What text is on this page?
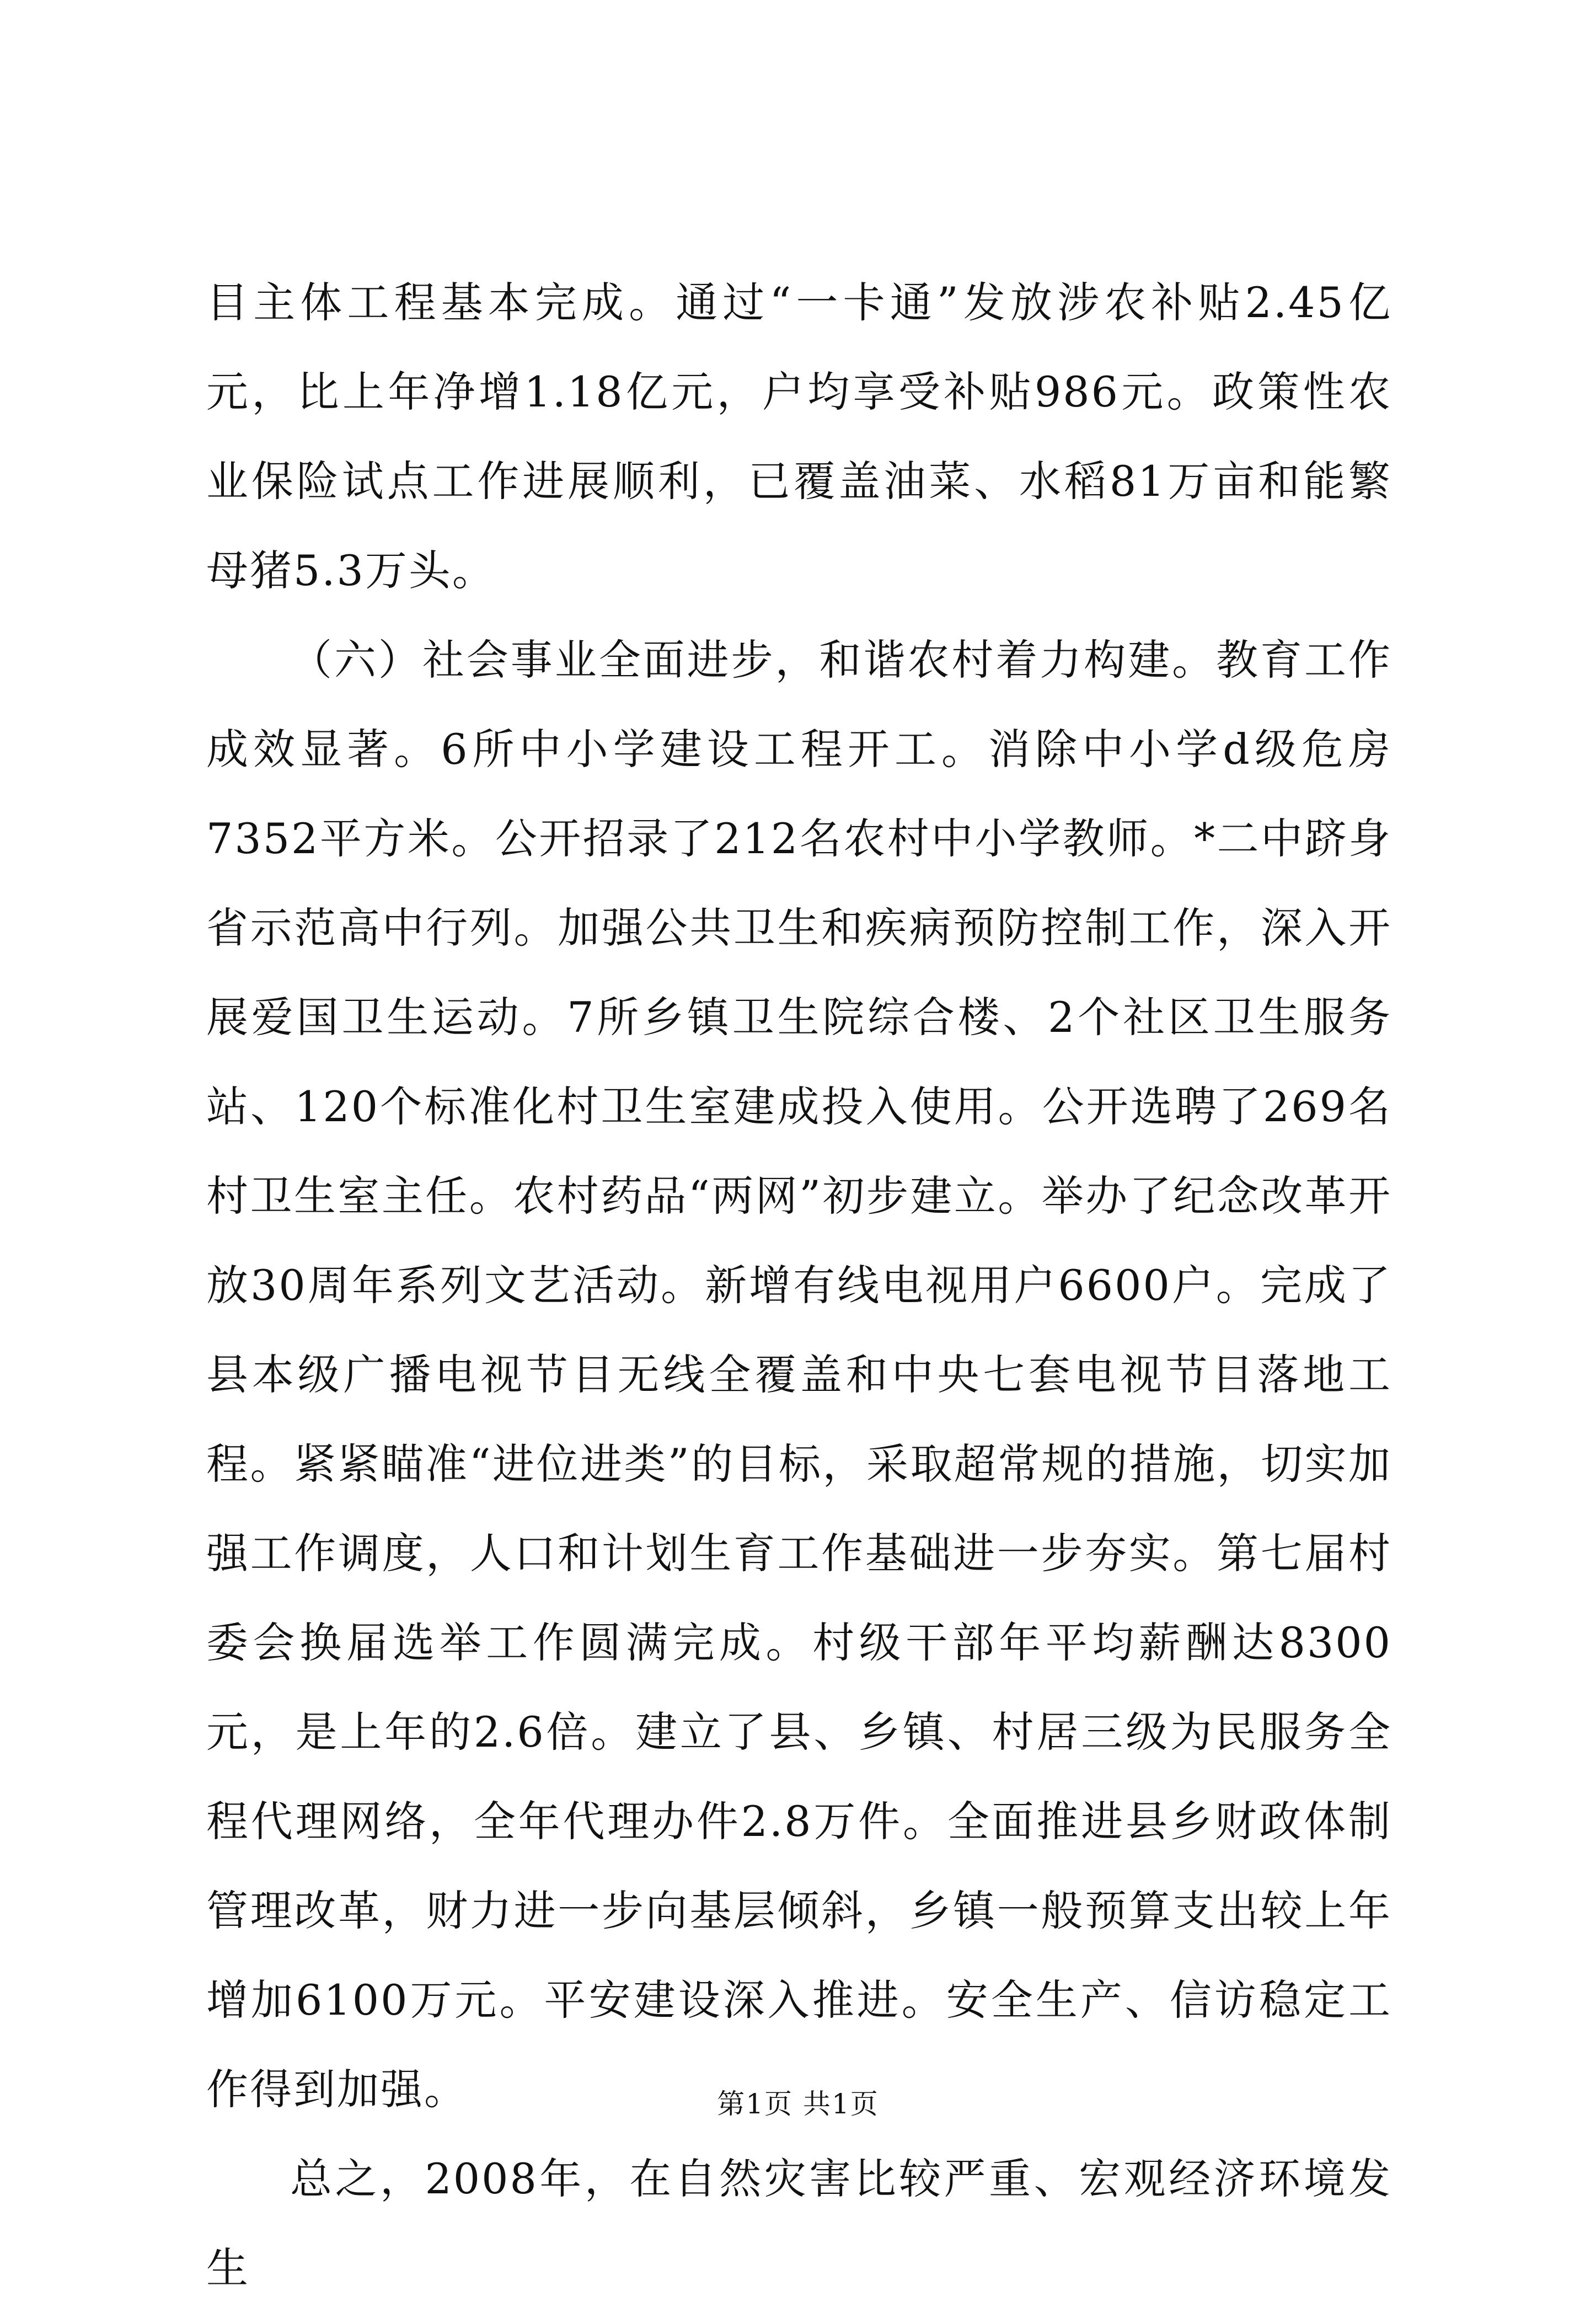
目主体工程基本完成。通过“一卡通”发放涉农补贴2.45亿元，比上年净增1.18亿元，户均享受补贴986元。政策性农业保险试点工作进展顺利，已覆盖油菜、水稻81万亩和能繁母猪5.3万头。

（六）社会事业全面进步，和谐农村着力构建。教育工作成效显著。6所中小学建设工程开工。消除中小学d级危房7352平方米。公开招录了212名农村中小学教师。*二中跻身省示范高中行列。加强公共卫生和疾病预防控制工作，深入开展爱国卫生运动。7所乡镇卫生院综合楼、2个社区卫生服务站、120个标准化村卫生室建成投入使用。公开选聘了269名村卫生室主任。农村药品“两网”初步建立。举办了纪念改革开放30周年系列文艺活动。新增有线电视用户6600户。完成了县本级广播电视节目无线全覆盖和中央七套电视节目落地工程。紧紧瞄准“进位进类”的目标，采取超常规的措施，切实加强工作调度，人口和计划生育工作基础进一步夯实。第七届村委会换届选举工作圆满完成。村级干部年平均薪酬达8300元，是上年的2.6倍。建立了县、乡镇、村居三级为民服务全程代理网络，全年代理办件2.8万件。全面推进县乡财政体制管理改革，财力进一步向基层倾斜，乡镇一般预算支出较上年增加6100万元。平安建设深入推进。安全生产、信访稳定工作得到加强。

总之，2008年，在自然灾害比较严重、宏观经济环境发生

第1页 共1页
